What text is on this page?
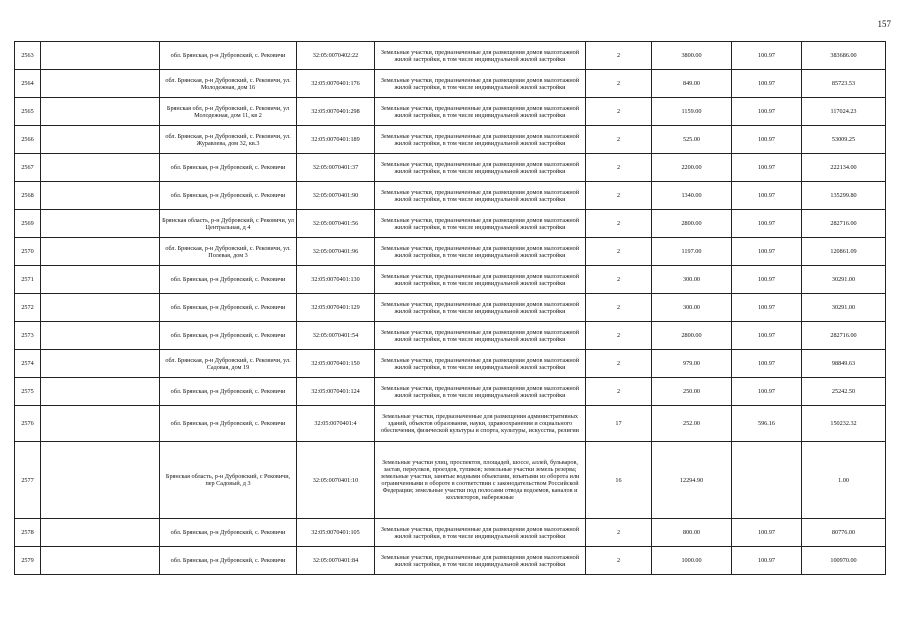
157
2563		обл. Брянская, р-н Дубровский, с. Рековичи	32:05:0070402:22	Земельные участки, предназначенные для размещения домов малоэтажной жилой застройки, в том числе индивидуальной жилой застройки	2	3800.00	100.97	383686.00
2564		обл. Брянская, р-н Дубровский, с. Рековичи, ул. Молодежная, дом 16	32:05:0070401:176	Земельные участки, предназначенные для размещения домов малоэтажной жилой застройки, в том числе индивидуальной жилой застройки	2	849.00	100.97	85723.53
2565		Брянская обл, р-н Дубровский, с. Рековичи, ул Молодежная, дом 11, кв 2	32:05:0070401:298	Земельные участки, предназначенные для размещения домов малоэтажной жилой застройки, в том числе индивидуальной жилой застройки	2	1159.00	100.97	117024.23
2566		обл. Брянская, р-н Дубровский, с. Рековичи, ул. Журавлева, дом 32, кв.3	32:05:0070401:189	Земельные участки, предназначенные для размещения домов малоэтажной жилой застройки, в том числе индивидуальной жилой застройки	2	525.00	100.97	53009.25
2567		обл. Брянская, р-н Дубровский, с. Рековичи	32:05:0070401:37	Земельные участки, предназначенные для размещения домов малоэтажной жилой застройки, в том числе индивидуальной жилой застройки	2	2200.00	100.97	222134.00
2568		обл. Брянская, р-н Дубровский, с. Рековичи	32:05:0070401:90	Земельные участки, предназначенные для размещения домов малоэтажной жилой застройки, в том числе индивидуальной жилой застройки	2	1340.00	100.97	135299.80
2569		Брянская область, р-н Дубровский, с Рековичи, ул Центральная, д 4	32:05:0070401:56	Земельные участки, предназначенные для размещения домов малоэтажной жилой застройки, в том числе индивидуальной жилой застройки	2	2800.00	100.97	282716.00
2570		обл. Брянская, р-н Дубровский, с. Рековичи, ул. Полевая, дом 3	32:05:0070401:96	Земельные участки, предназначенные для размещения домов малоэтажной жилой застройки, в том числе индивидуальной жилой застройки	2	1197.00	100.97	120861.09
2571		обл. Брянская, р-н Дубровский, с. Рековичи	32:05:0070401:130	Земельные участки, предназначенные для размещения домов малоэтажной жилой застройки, в том числе индивидуальной жилой застройки	2	300.00	100.97	30291.00
2572		обл. Брянская, р-н Дубровский, с. Рековичи	32:05:0070401:129	Земельные участки, предназначенные для размещения домов малоэтажной жилой застройки, в том числе индивидуальной жилой застройки	2	300.00	100.97	30291.00
2573		обл. Брянская, р-н Дубровский, с. Рековичи	32:05:0070401:54	Земельные участки, предназначенные для размещения домов малоэтажной жилой застройки, в том числе индивидуальной жилой застройки	2	2800.00	100.97	282716.00
2574		обл. Брянская, р-н Дубровский, с. Рековичи, ул. Садовая, дом 19	32:05:0070401:150	Земельные участки, предназначенные для размещения домов малоэтажной жилой застройки, в том числе индивидуальной жилой застройки	2	979.00	100.97	98849.63
2575		обл. Брянская, р-н Дубровский, с. Рековичи	32:05:0070401:124	Земельные участки, предназначенные для размещения домов малоэтажной жилой застройки, в том числе индивидуальной жилой застройки	2	250.00	100.97	25242.50
2576		обл. Брянская, р-н Дубровский, с. Рековичи	32:05:0070401:4	Земельные участки, предназначенные для размещения административных зданий, объектов образования, науки, здравоохранения и социального обеспечения, физической культуры и спорта, культуры, искусства, религии	17	252.00	596.16	150232.32
2577		Брянская область, р-н Дубровский, с Рековичи, пер Садовый, д 3	32:05:0070401:10	Земельные участки улиц, проспектов, площадей, шоссе, аллей, бульваров, застав, переулков, проездов, тупиков; земельные участки земель резерва; земельные участки, занятые водными объектами, изъятыми из оборота или ограниченными в обороте в соответствии с законодательством Российской Федерации; земельные участки под полосами отвода водоемов, каналов и коллекторов, набережные	16	12294.90		1.00
2578		обл. Брянская, р-н Дубровский, с. Рековичи	32:05:0070401:105	Земельные участки, предназначенные для размещения домов малоэтажной жилой застройки, в том числе индивидуальной жилой застройки	2	800.00	100.97	80776.00
2579		обл. Брянская, р-н Дубровский, с. Рековичи	32:05:0070401:84	Земельные участки, предназначенные для размещения домов малоэтажной жилой застройки, в том числе индивидуальной жилой застройки	2	1000.00	100.97	100970.00
